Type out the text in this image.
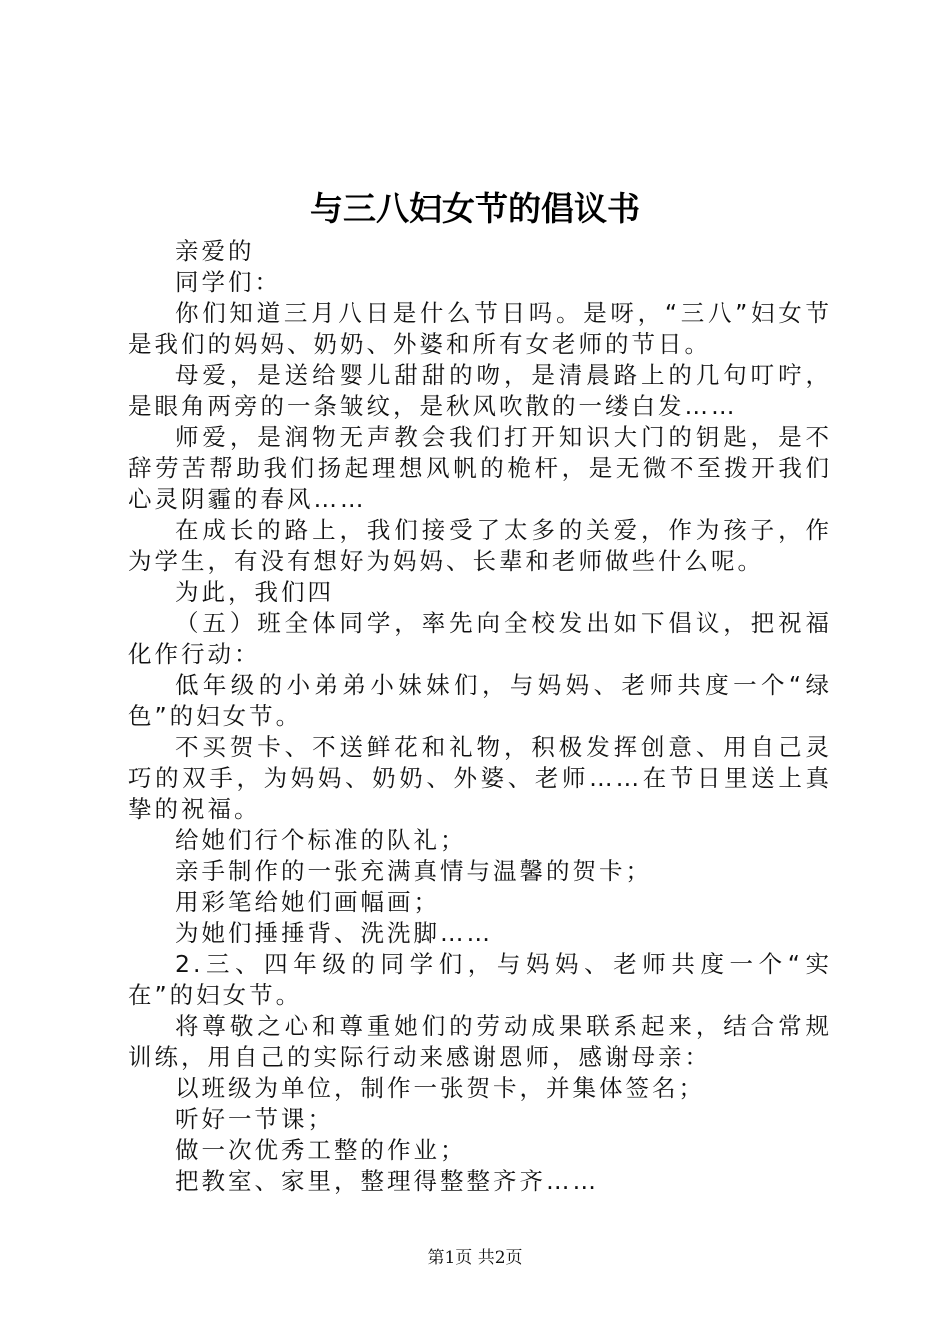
与三八妇女节的倡议书

亲爱的

同学们：

你们知道三月八日是什么节日吗。是呀，“三八”妇女节是我们的妈妈、奶奶、外婆和所有女老师的节日。

母爱，是送给婴儿甜甜的吻，是清晨路上的几句叮咛，是眼角两旁的一条皱纹，是秋风吹散的一缕白发……

师爱，是润物无声教会我们打开知识大门的钥匙，是不辞劳苦帮助我们扬起理想风帆的桅杆，是无微不至拨开我们心灵阴霾的春风……

在成长的路上，我们接受了太多的关爱，作为孩子，作为学生，有没有想好为妈妈、长辈和老师做些什么呢。

为此，我们四

（五）班全体同学，率先向全校发出如下倡议，把祝福化作行动：

低年级的小弟弟小妹妹们，与妈妈、老师共度一个“绿色”的妇女节。

不买贺卡、不送鲜花和礼物，积极发挥创意、用自己灵巧的双手，为妈妈、奶奶、外婆、老师……在节日里送上真挚的祝福。

给她们行个标准的队礼；

亲手制作的一张充满真情与温馨的贺卡；

用彩笔给她们画幅画；

为她们捶捶背、洗洗脚……

2.三、四年级的同学们，与妈妈、老师共度一个“实在”的妇女节。

将尊敬之心和尊重她们的劳动成果联系起来，结合常规训练，用自己的实际行动来感谢恩师，感谢母亲：

以班级为单位，制作一张贺卡，并集体签名；

听好一节课；

做一次优秀工整的作业；

把教室、家里，整理得整整齐齐……

第1页 共2页
